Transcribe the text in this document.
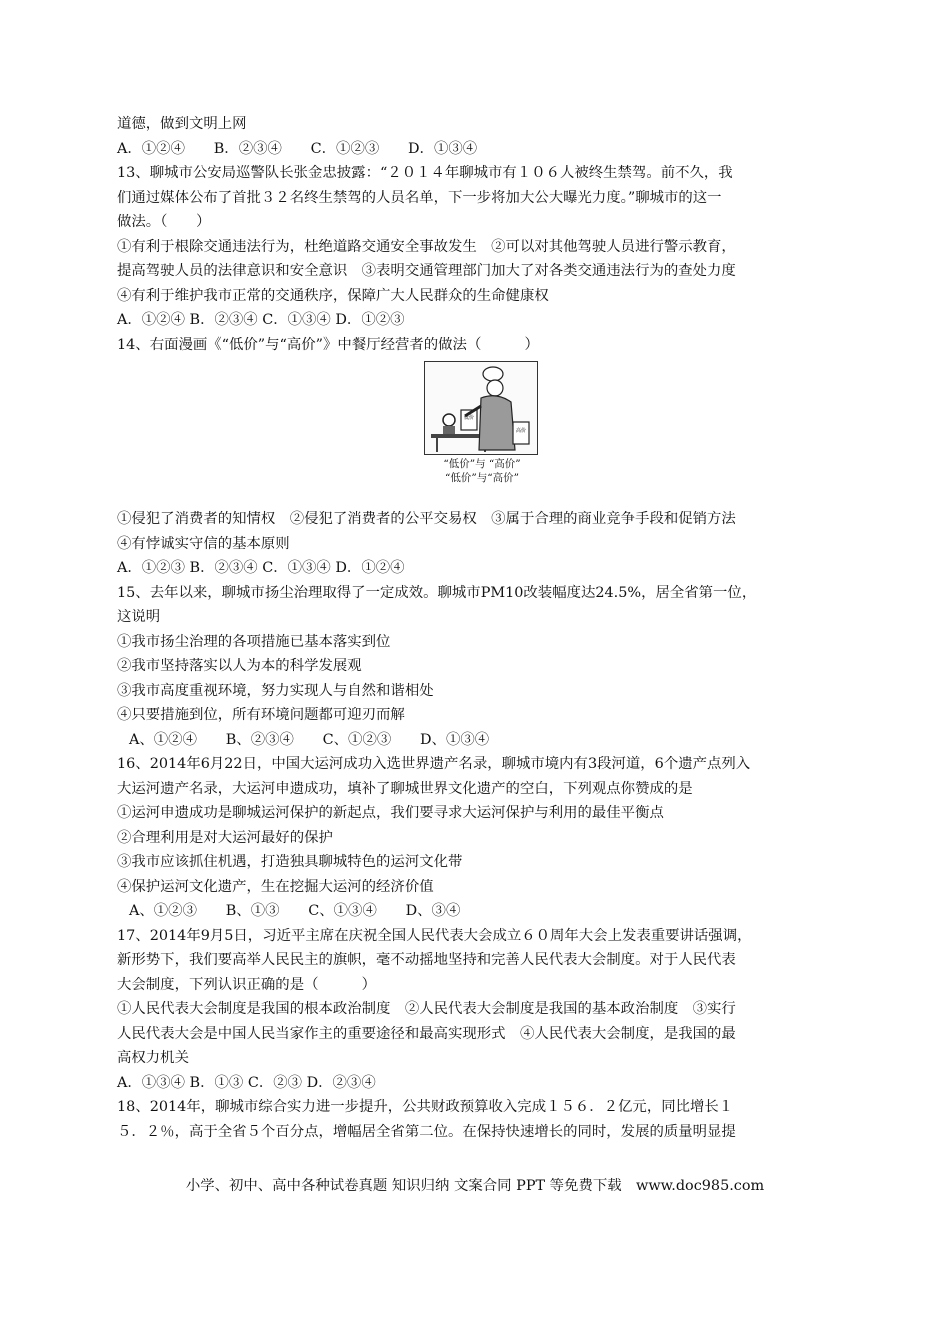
道德，做到文明上网
A．①②④　　B．②③④　　C．①②③　　D．①③④
13、聊城市公安局巡警队长张金忠披露：“２０１４年聊城市有１０６人被终生禁驾。前不久，我
们通过媒体公布了首批３２名终生禁驾的人员名单，下一步将加大公大曝光力度。”聊城市的这一
做法。（　　）
①有利于根除交通违法行为，杜绝道路交通安全事故发生　②可以对其他驾驶人员进行警示教育，
提高驾驶人员的法律意识和安全意识　③表明交通管理部门加大了对各类交通违法行为的查处力度
④有利于维护我市正常的交通秩序，保障广大人民群众的生命健康权
A．①②④ B．②③④ C．①③④ D．①②③
14、右面漫画《“低价”与“高价”》中餐厅经营者的做法（　　　）
低价
高价
“低价”与 “高价”
“低价”与“高价”
①侵犯了消费者的知情权　②侵犯了消费者的公平交易权　③属于合理的商业竞争手段和促销方法
④有悖诚实守信的基本原则
A．①②③ B．②③④ C．①③④ D．①②④
15、去年以来，聊城市扬尘治理取得了一定成效。聊城市PM10改装幅度达24.5%，居全省第一位，
这说明
①我市扬尘治理的各项措施已基本落实到位
②我市坚持落实以人为本的科学发展观
③我市高度重视环境，努力实现人与自然和谐相处
④只要措施到位，所有环境问题都可迎刃而解
A、①②④　　B、②③④　　C、①②③　　D、①③④
16、2014年6月22日，中国大运河成功入选世界遗产名录，聊城市境内有3段河道，6个遗产点列入
大运河遗产名录，大运河申遗成功，填补了聊城世界文化遗产的空白，下列观点你赞成的是
①运河申遗成功是聊城运河保护的新起点，我们要寻求大运河保护与利用的最佳平衡点
②合理利用是对大运河最好的保护
③我市应该抓住机遇，打造独具聊城特色的运河文化带
④保护运河文化遗产，生在挖掘大运河的经济价值
A、①②③　　B、①③　　C、①③④　　D、③④
17、2014年9月5日，习近平主席在庆祝全国人民代表大会成立６０周年大会上发表重要讲话强调，
新形势下，我们要高举人民民主的旗帜，毫不动摇地坚持和完善人民代表大会制度。对于人民代表
大会制度，下列认识正确的是（　　　）
①人民代表大会制度是我国的根本政治制度　②人民代表大会制度是我国的基本政治制度　③实行
人民代表大会是中国人民当家作主的重要途径和最高实现形式　④人民代表大会制度，是我国的最
高权力机关
A．①③④ B．①③ C．②③ D．②③④
18、2014年，聊城市综合实力进一步提升，公共财政预算收入完成１５６．２亿元，同比增长１
５．２％，高于全省５个百分点，增幅居全省第二位。在保持快速增长的同时，发展的质量明显提
小学、初中、高中各种试卷真题 知识归纳 文案合同 PPT 等免费下载　www.doc985.com
